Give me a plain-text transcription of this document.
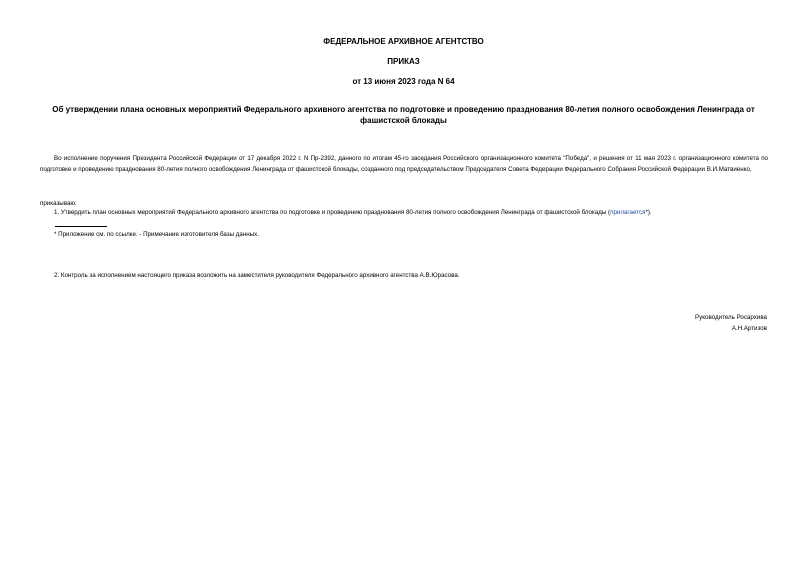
ФЕДЕРАЛЬНОЕ АРХИВНОЕ АГЕНТСТВО
ПРИКАЗ
от 13 июня 2023 года N 64
Об утверждении плана основных мероприятий Федерального архивного агентства по подготовке и проведению празднования 80-летия полного освобождения Ленинграда от фашистской блокады
Во исполнение поручения Президента Российской Федерации от 17 декабря 2022 г. N Пр-2392, данного по итогам 45-го заседания Российского организационного комитета "Победа", и решения от 11 мая 2023 г. организационного комитета по подготовке и проведению празднования 80-летия полного освобождения Ленинграда от фашистской блокады, созданного под председательством Председателя Совета Федерации Федерального Собрания Российской Федерации В.И.Матвиенко,
приказываю:
1. Утвердить план основных мероприятий Федерального архивного агентства по подготовке и проведению празднования 80-летия полного освобождения Ленинграда от фашистской блокады (прилагается*).
* Приложение см. по ссылке. - Примечание изготовителя базы данных.
2. Контроль за исполнением настоящего приказа возложить на заместителя руководителя Федерального архивного агентства А.В.Юрасова.
Руководитель Росархива
А.Н.Артизов
